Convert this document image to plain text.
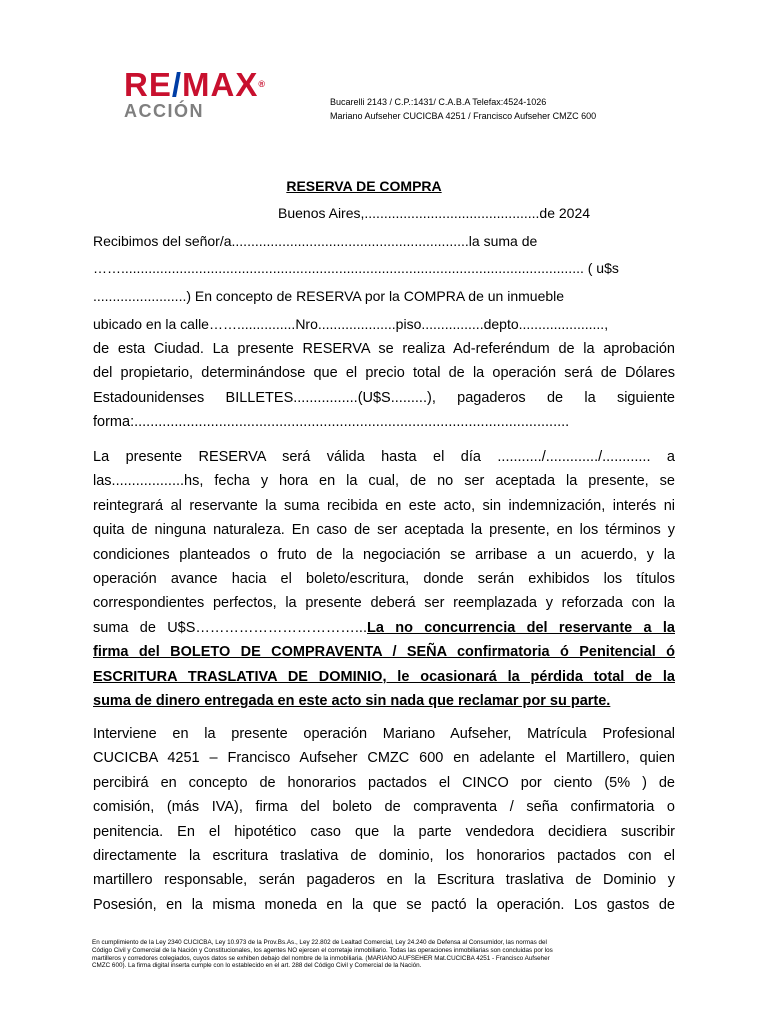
RE/MAX®
ACCIÓN	Bucarelli 2143 / C.P.:1431/ C.A.B.A Telefax:4524-1026
Mariano Aufseher CUCICBA 4251 / Francisco Aufseher CMZC 600
RESERVA DE COMPRA
Buenos Aires,.............................................de 2024
Recibimos del señor/a.............................................................la suma de
……....................................................................................................................... ( u$s
........................) En concepto de RESERVA por la COMPRA de un inmueble
ubicado en la calle……...............Nro....................piso................depto......................,
de esta Ciudad. La presente RESERVA se realiza Ad-referéndum de la aprobación
del propietario, determinándose que el precio total de la operación será de Dólares
Estadounidenses BILLETES................(U$S.........), pagaderos de la siguiente
forma:............................................................................................................
La presente RESERVA será válida hasta el día .........../............./............ a
las..................hs, fecha y hora en la cual, de no ser aceptada la presente, se
reintegrará al reservante la suma recibida en este acto, sin indemnización, interés ni
quita de ninguna naturaleza. En caso de ser aceptada la presente, en los términos y
condiciones planteados o fruto de la negociación se arribase a un acuerdo, y la
operación avance hacia el boleto/escritura, donde serán exhibidos los títulos
correspondientes perfectos, la presente deberá ser reemplazada y reforzada con la
suma de U$S……………………………...La no concurrencia del reservante a la
firma del BOLETO DE COMPRAVENTA / SEÑA confirmatoria ó Penitencial ó
ESCRITURA TRASLATIVA DE DOMINIO, le ocasionará la pérdida total de la
suma de dinero entregada en este acto sin nada que reclamar por su parte.
Interviene en la presente operación Mariano Aufseher, Matrícula Profesional
CUCICBA 4251 – Francisco Aufseher CMZC 600 en adelante el Martillero, quien
percibirá en concepto de honorarios pactados el CINCO por ciento (5% ) de
comisión, (más IVA), firma del boleto de compraventa / seña confirmatoria o
penitencia. En el hipotético caso que la parte vendedora decidiera suscribir
directamente la escritura traslativa de dominio, los honorarios pactados con el
martillero responsable, serán pagaderos en la Escritura traslativa de Dominio y
Posesión, en la misma moneda en la que se pactó la operación. Los gastos de
En cumplimiento de la Ley 2340 CUCICBA, Ley 10.973 de la Prov.Bs.As., Ley 22.802 de Lealtad Comercial, Ley 24.240 de Defensa al Consumidor, las normas del
Código Civil y Comercial de la Nación y Constitucionales, los agentes NO ejercen el corretaje inmobiliario. Todas las operaciones inmobiliarias son concluidas por los
martilleros y corredores colegiados, cuyos datos se exhiben debajo del nombre de la inmobiliaria. (MARIANO AUFSEHER Mat.CUCICBA 4251 - Francisco Aufseher
CMZC 600). La firma digital inserta cumple con lo establecido en el art. 288 del Código Civil y Comercial de la Nación.
